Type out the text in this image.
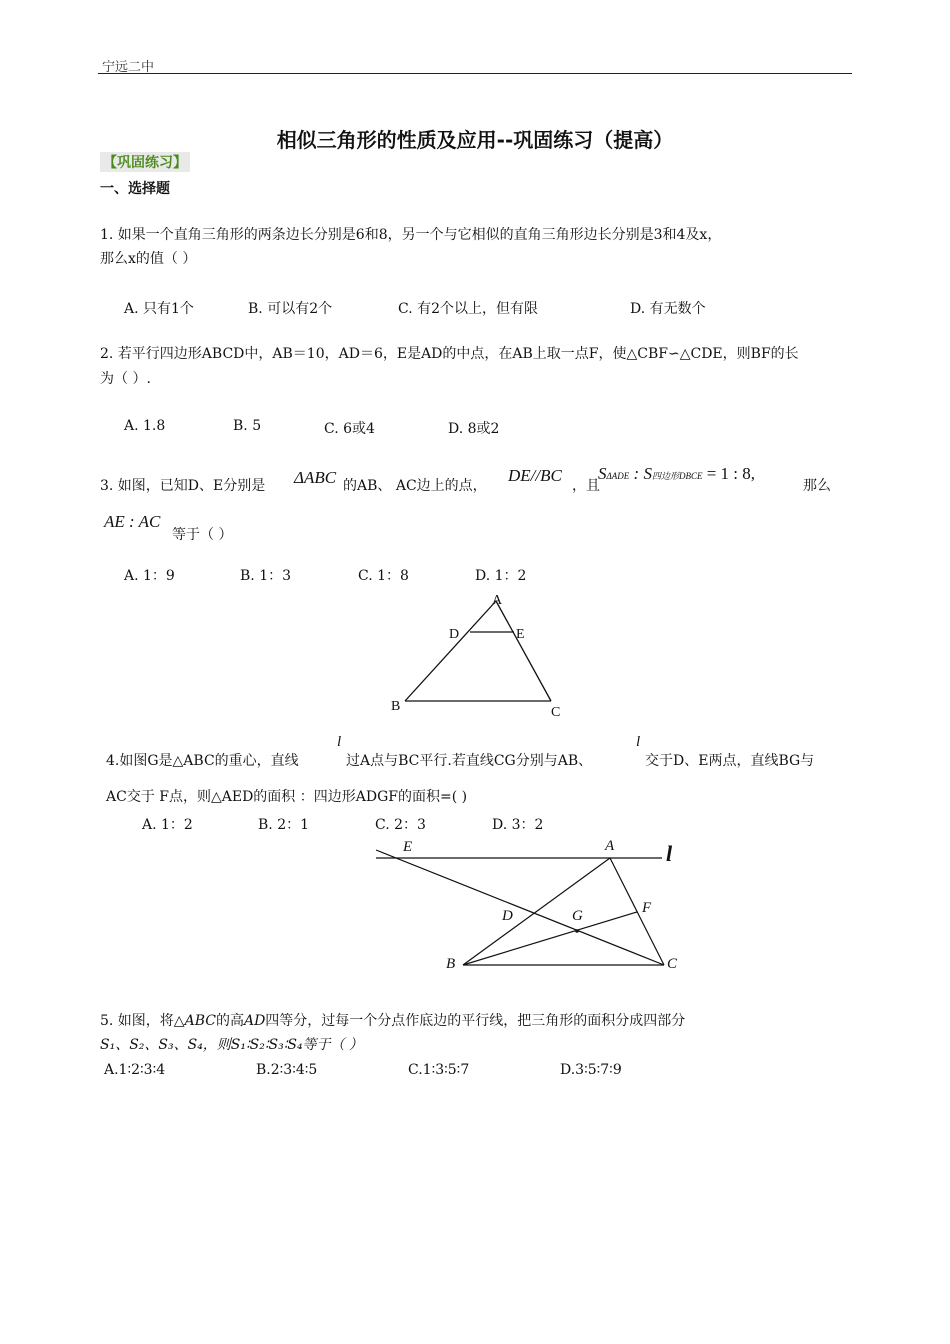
宁远二中
相似三角形的性质及应用--巩固练习（提高）
【巩固练习】
一、选择题
1. 如果一个直角三角形的两条边长分别是6和8，另一个与它相似的直角三角形边长分别是3和4及x，
那么x的值（ ）
A. 只有1个	B. 可以有2个	C. 有2个以上，但有限	D. 有无数个
2. 若平行四边形ABCD中，AB＝10，AD＝6，E是AD的中点，在AB上取一点F，使△CBF∽△CDE，则BF的长
为（ ）.
A. 1.8	B. 5	C. 6或4	D. 8或2
3. 如图，已知D、E分别是 ΔABC 的AB、 AC边上的点，
DE//BC
，且
SΔADE : S四边形DBCE = 1 : 8,
那么
AE : AC
等于（ ）
A. 1：9	B. 1：3	C. 1：8	D. 1：2
A
D	E
B	C
4.如图G是△ABC的重心，直线
l
过A点与BC平行.若直线CG分别与AB、
l
交于D、E两点，直线BG与
AC交于 F点，则△AED的面积 ：四边形ADGF的面积=( )
A. 1：2	B. 2：1	C. 2：3	D. 3：2
E	A l
D	G	F
B	C
5. 如图，将△ABC的高AD四等分，过每一个分点作底边的平行线，把三角形的面积分成四部分
S₁、S₂、S₃、S₄，则S₁∶S₂∶S₃∶S₄等于（ ）
A.1∶2∶3∶4	B.2∶3∶4∶5	C.1∶3∶5∶7	D.3∶5∶7∶9
